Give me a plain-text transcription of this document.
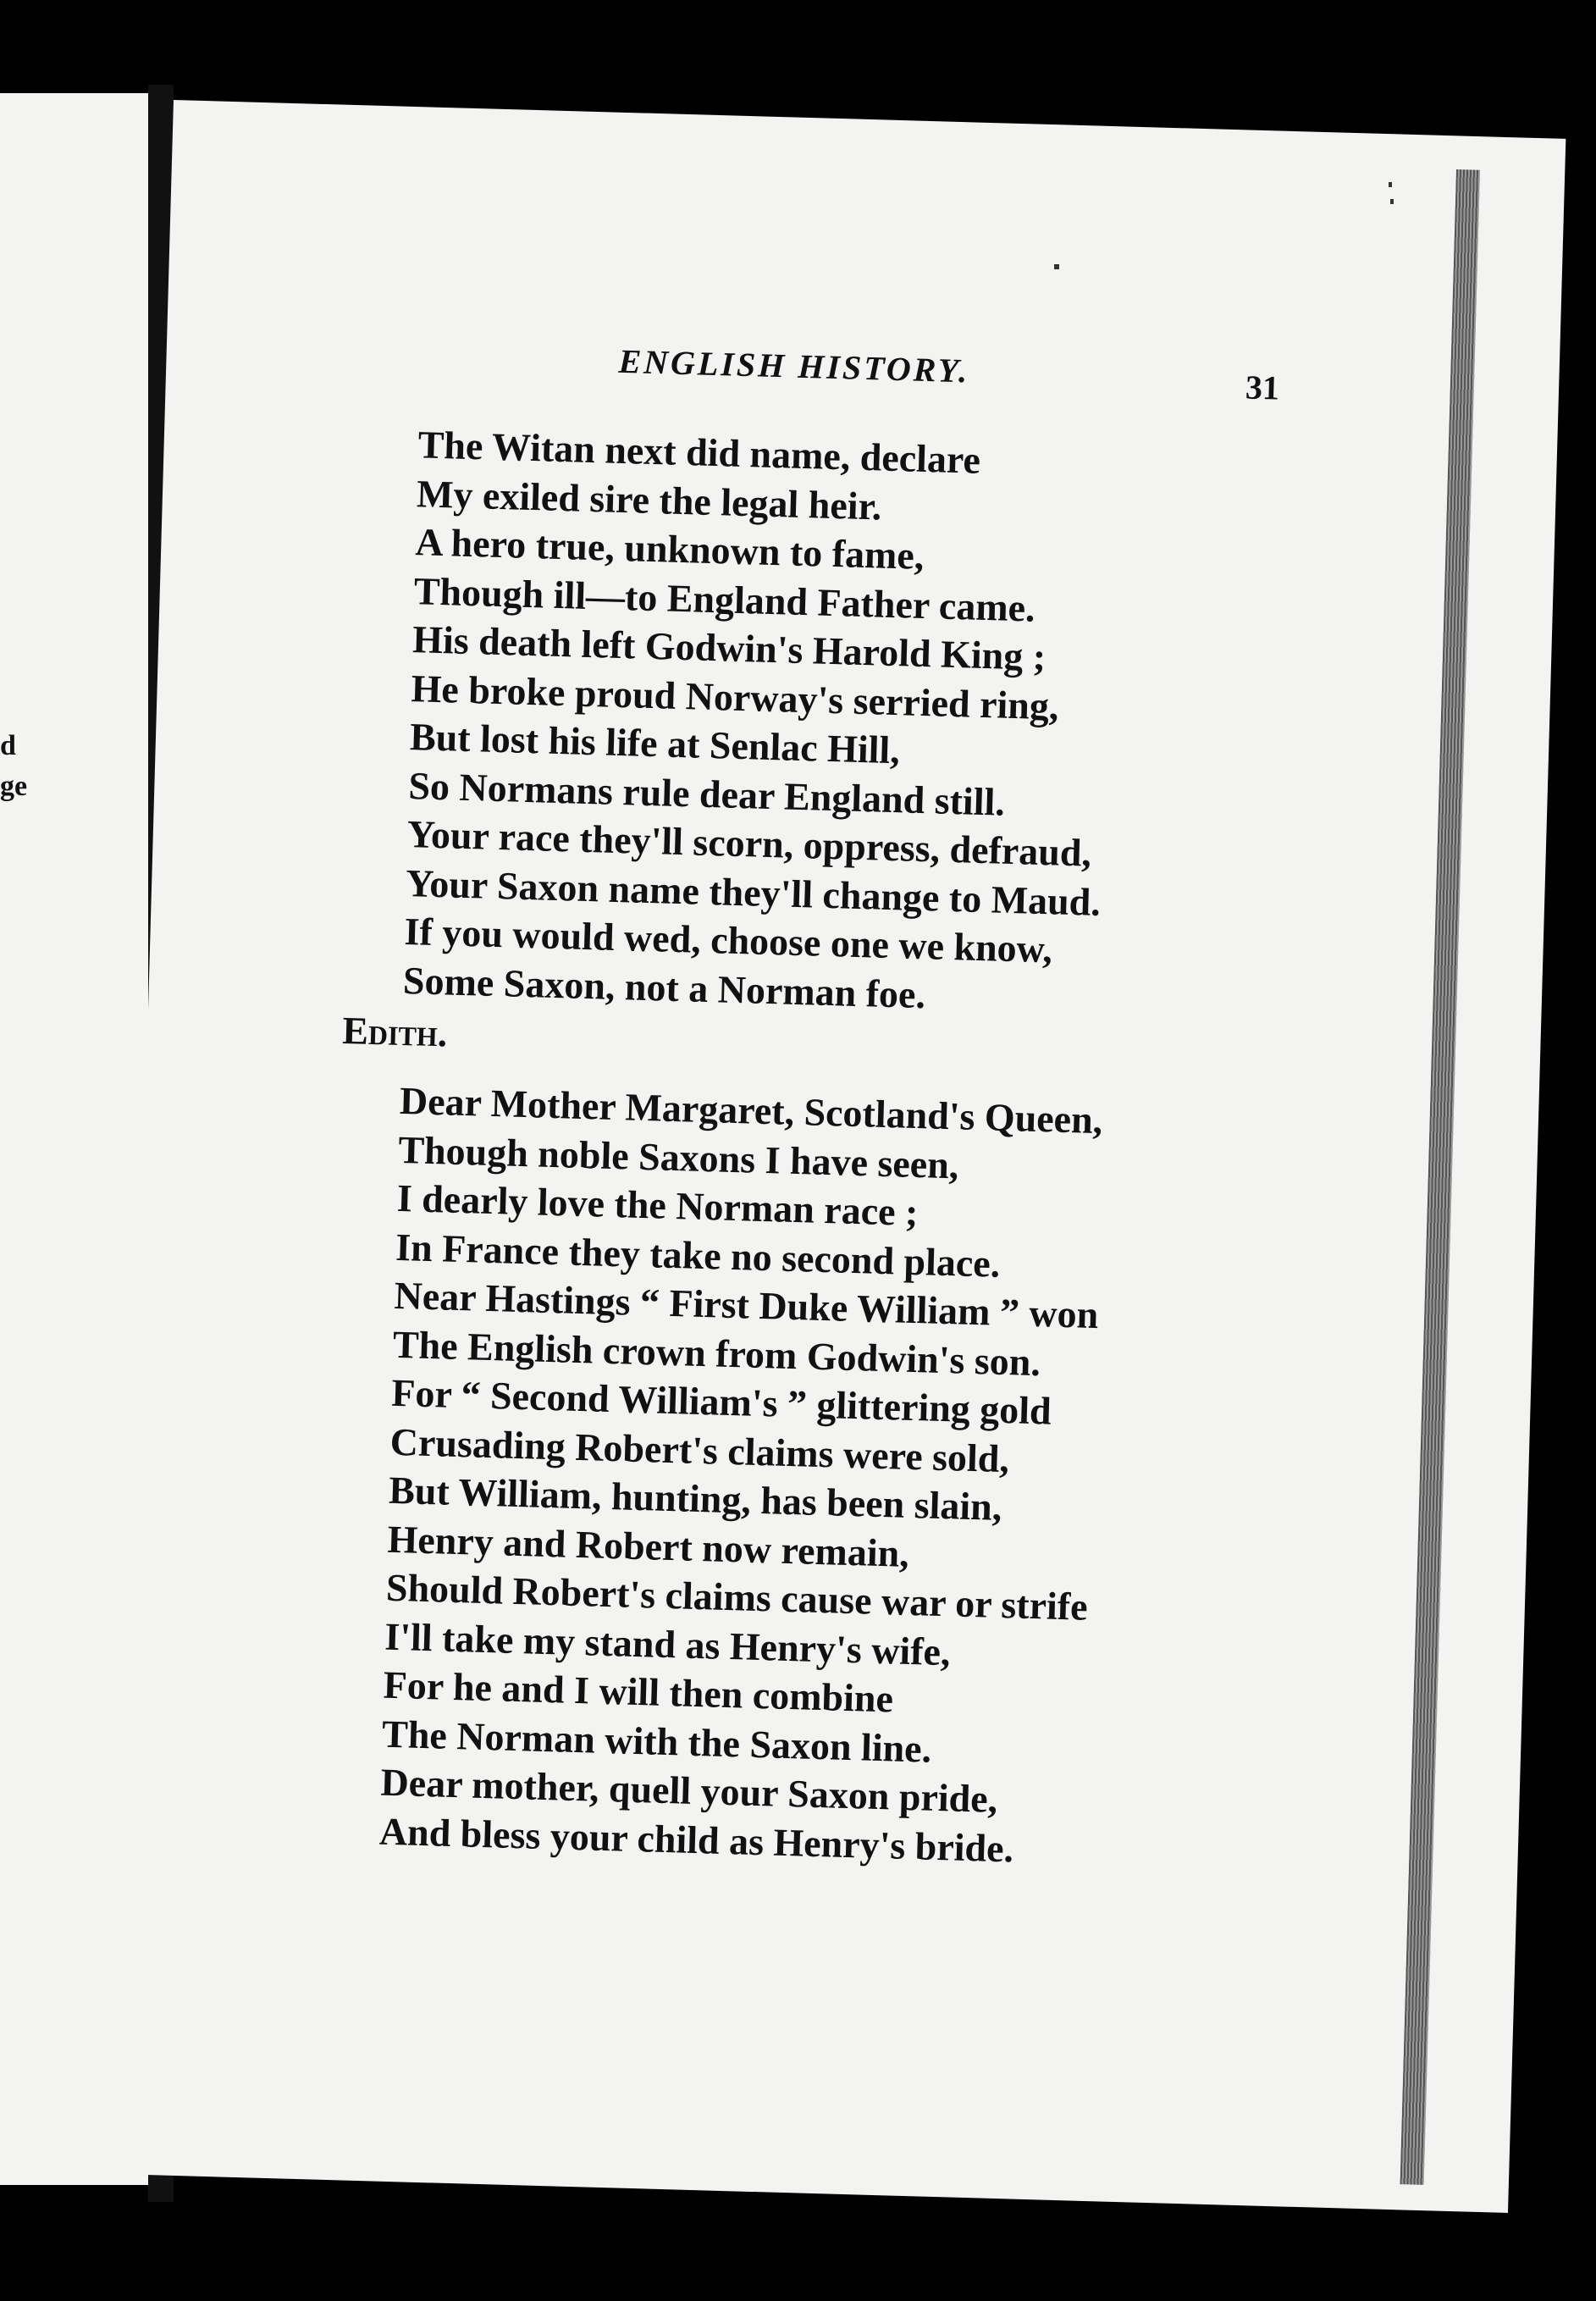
d
ge
ENGLISH HISTORY.	31
The Witan next did name, declare
My exiled sire the legal heir.
A hero true, unknown to fame,
Though ill—to England Father came.
His death left Godwin's Harold King ;
He broke proud Norway's serried ring,
But lost his life at Senlac Hill,
So Normans rule dear England still.
Your race they'll scorn, oppress, defraud,
Your Saxon name they'll change to Maud.
If you would wed, choose one we know,
Some Saxon, not a Norman foe.
Edith.
Dear Mother Margaret, Scotland's Queen,
Though noble Saxons I have seen,
I dearly love the Norman race ;
In France they take no second place.
Near Hastings “ First Duke William ” won
The English crown from Godwin's son.
For “ Second William's ” glittering gold
Crusading Robert's claims were sold,
But William, hunting, has been slain,
Henry and Robert now remain,
Should Robert's claims cause war or strife
I'll take my stand as Henry's wife,
For he and I will then combine
The Norman with the Saxon line.
Dear mother, quell your Saxon pride,
And bless your child as Henry's bride.
